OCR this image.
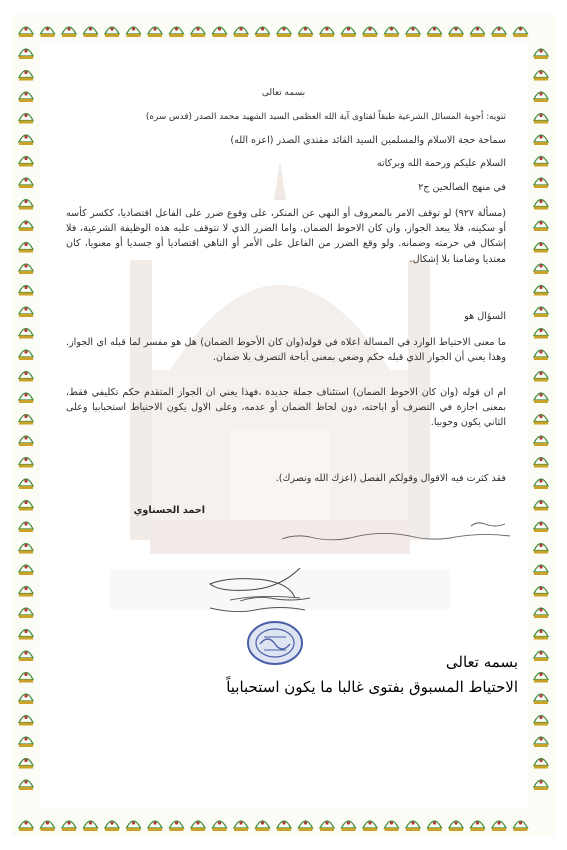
بسمه تعالى
تنويه: أجوبة المسائل الشرعية طبقاً لفتاوى آية الله العظمى السيد الشهيد محمد الصدر (قدس سره)
سماحة حجة الاسلام والمسلمين السيد القائد مقتدى الصدر (اعزه الله)
السلام عليكم ورحمة الله وبركاته
في منهج الصالحين ج٢
(مسألة ٩٢٧) لو توقف الامر بالمعروف أو النهي عن المنكر، على وقوع ضرر على الفاعل اقتصاديا، ككسر كأسه أو سكينه، فلا يبعد الجواز، وان كان الاحوط الضمان. واما الضرر الذي لا تتوقف عليه هذه الوظيفة الشرعية، فلا إشكال في حرمته وضمانه. ولو وقع الضرر من الفاعل على الأمر أو الناهي اقتصاديا أو جسديا أو معنويا، كان معتديا وضامنا بلا إشكال.
السؤال هو
ما معنى الاحتياط الوارد في المسالة اعلاه في قوله(وان كان الأحوط الضمان) هل هو مفسر لما قبله اي الجواز. وهذا يعني أن الجواز الذي قبله حكم وضعي بمعنى أباحة التصرف بلا ضمان.
ام ان قوله (وان كان الاحوط الضمان) استئناف جملة جديدة ،فهذا يعني ان الجواز المتقدم حكم تكليفي فقط، بمعنى اجازة في التصرف أو اباحته، دون لحاظ الضمان أو عدمه، وعلى الاول يكون الاحتياط استحبابيا وعلى الثاني يكون وجوبيا.
فقد كثرت فيه الاقوال وقولكم الفصل (اعزك الله ونصرك).
احمد الحسناوي
بسمه تعالى
الاحتياط المسبوق بفتوى غالبا ما يكون استحبابياً
